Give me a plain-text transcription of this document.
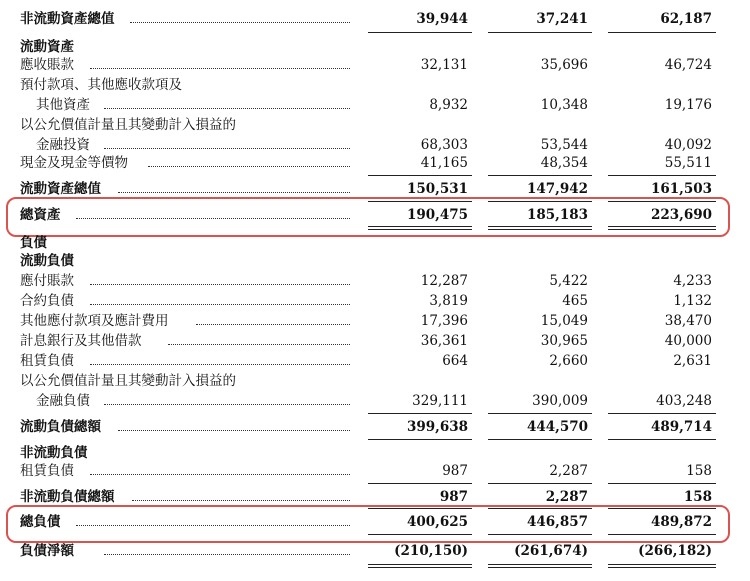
非流動資產總值	39,944	37,241	62,187
流動資產
應收賬款	32,131	35,696	46,724
預付款項、其他應收款項及
其他資產	8,932	10,348	19,176
以公允價值計量且其變動計入損益的
金融投資	68,303	53,544	40,092
現金及現金等價物	41,165	48,354	55,511
流動資產總值	150,531	147,942	161,503
總資產	190,475	185,183	223,690
負債
流動負債
應付賬款	12,287	5,422	4,233
合約負債	3,819	465	1,132
其他應付款項及應計費用	17,396	15,049	38,470
計息銀行及其他借款	36,361	30,965	40,000
租賃負債	664	2,660	2,631
以公允價值計量且其變動計入損益的
金融負債	329,111	390,009	403,248
流動負債總額	399,638	444,570	489,714
非流動負債
租賃負債	987	2,287	158
非流動負債總額	987	2,287	158
總負債	400,625	446,857	489,872
負債淨額	(210,150)	(261,674)	(266,182)
